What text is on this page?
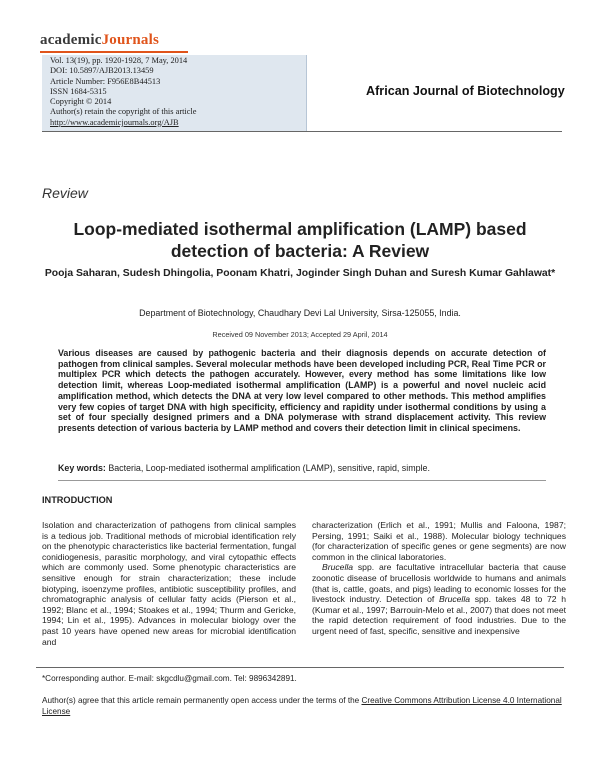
academicJournals
Vol. 13(19), pp. 1920-1928, 7 May, 2014
DOI: 10.5897/AJB2013.13459
Article Number: F956E8B44513
ISSN 1684-5315
Copyright © 2014
Author(s) retain the copyright of this article
http://www.academicjournals.org/AJB
African Journal of Biotechnology
Review
Loop-mediated isothermal amplification (LAMP) based detection of bacteria: A Review
Pooja Saharan, Sudesh Dhingolia, Poonam Khatri, Joginder Singh Duhan and Suresh Kumar Gahlawat*
Department of Biotechnology, Chaudhary Devi Lal University, Sirsa-125055, India.
Received 09 November 2013; Accepted 29 April, 2014
Various diseases are caused by pathogenic bacteria and their diagnosis depends on accurate detection of pathogen from clinical samples. Several molecular methods have been developed including PCR, Real Time PCR or multiplex PCR which detects the pathogen accurately. However, every method has some limitations like low detection limit, whereas Loop-mediated isothermal amplification (LAMP) is a powerful and novel nucleic acid amplification method, which detects the DNA at very low level compared to other methods. This method amplifies very few copies of target DNA with high specificity, efficiency and rapidity under isothermal conditions by using a set of four specially designed primers and a DNA polymerase with strand displacement activity. This review presents detection of various bacteria by LAMP method and covers their detection limit in clinical specimens.
Key words: Bacteria, Loop-mediated isothermal amplification (LAMP), sensitive, rapid, simple.
INTRODUCTION

Isolation and characterization of pathogens from clinical samples is a tedious job. Traditional methods of microbial identification rely on the phenotypic characteristics like bacterial fermentation, fungal conidiogenesis, parasitic morphology, and viral cytopathic effects which are commonly used. Some phenotypic characteristics are sensitive enough for strain characterization; these include biotyping, isoenzyme profiles, antibiotic susceptibility profiles, and chromatographic analysis of cellular fatty acids (Pierson et al., 1992; Blanc et al., 1994; Stoakes et al., 1994; Thurm and Gericke, 1994; Lin et al., 1995). Advances in molecular biology over the past 10 years have opened new areas for microbial identification and

characterization (Erlich et al., 1991; Mullis and Faloona, 1987; Persing, 1991; Saiki et al., 1988). Molecular biology techniques (for characterization of specific genes or gene segments) are now common in the clinical laboratories.

Brucella spp. are facultative intracellular bacteria that cause zoonotic disease of brucellosis worldwide to humans and animals (that is, cattle, goats, and pigs) leading to economic losses for the livestock industry. Detection of Brucella spp. takes 48 to 72 h (Kumar et al., 1997; Barrouin-Melo et al., 2007) that does not meet the rapid detection requirement of food industries. Due to the urgent need of fast, specific, sensitive and inexpensive

*Corresponding author. E-mail: skgcdlu@gmail.com. Tel: 9896342891.
Author(s) agree that this article remain permanently open access under the terms of the Creative Commons Attribution License 4.0 International License
